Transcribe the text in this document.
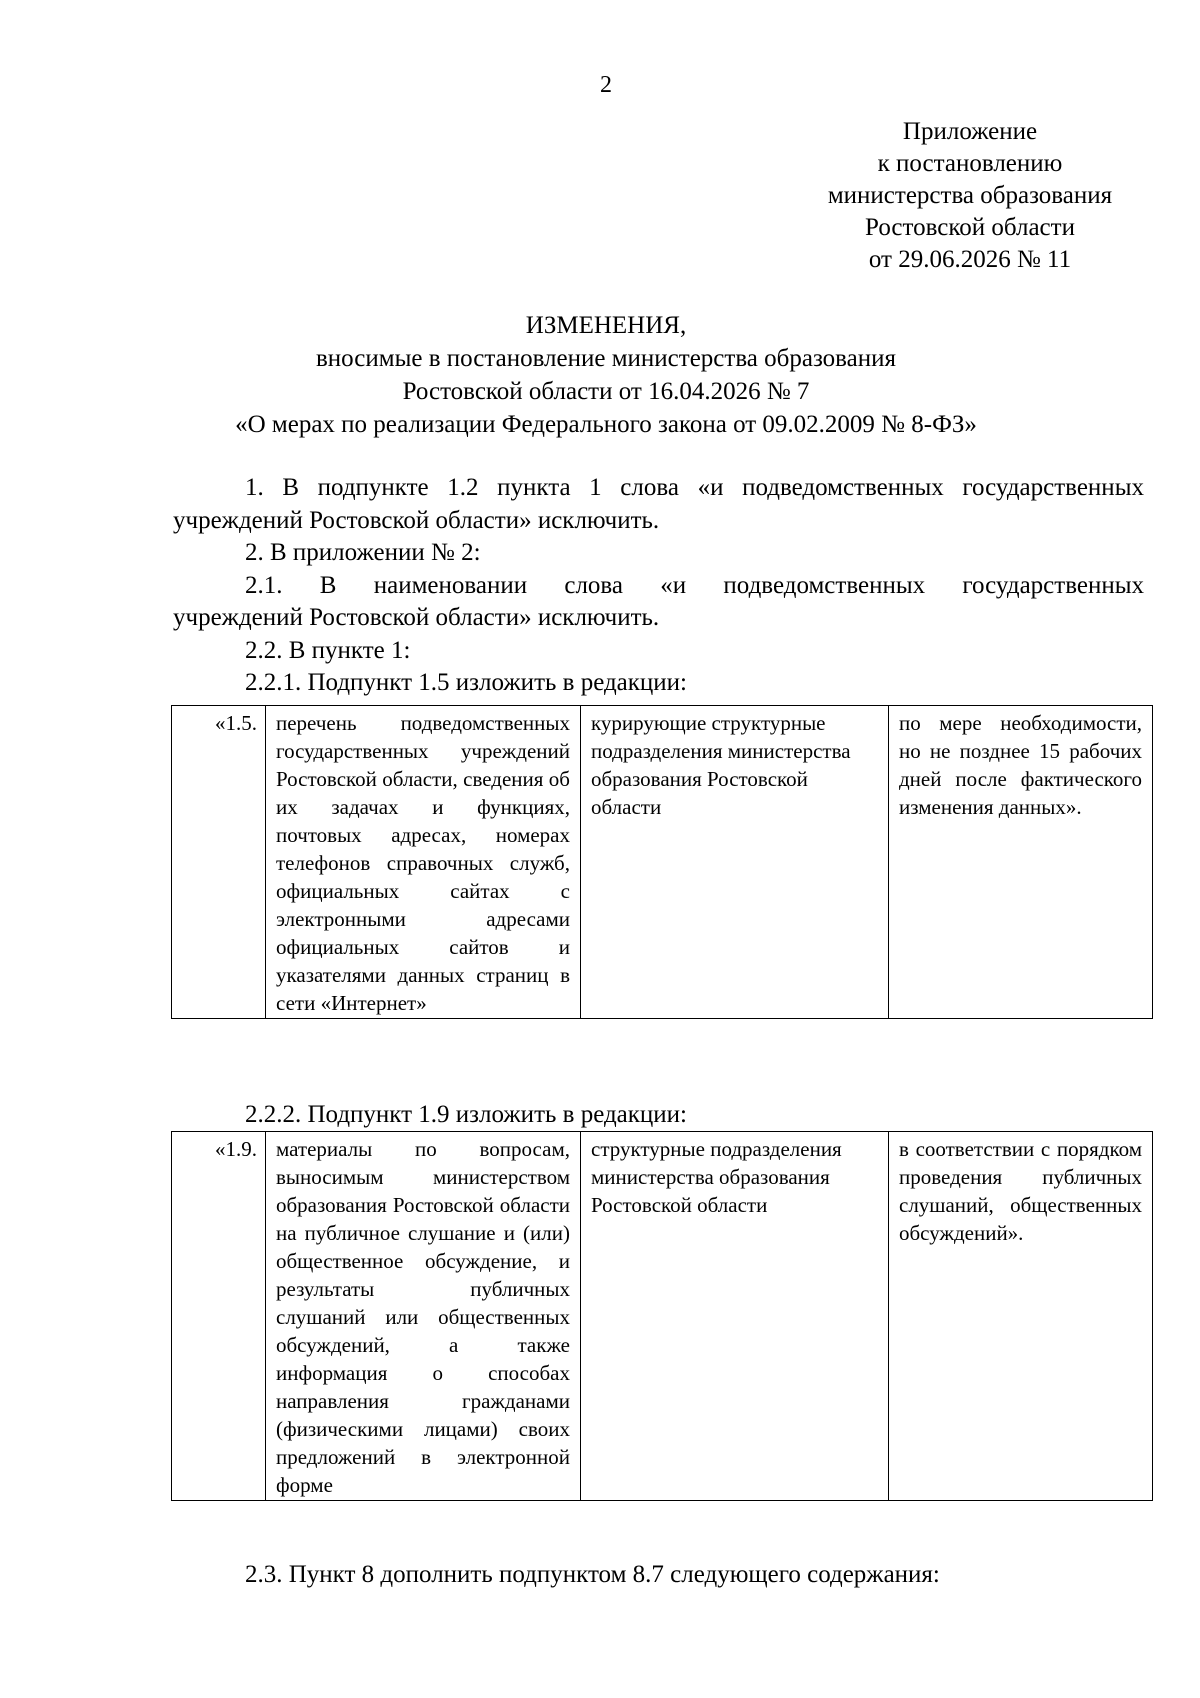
2
Приложение
к постановлению
министерства образования
Ростовской области
от 29.06.2026 № 11
ИЗМЕНЕНИЯ,
вносимые в постановление министерства образования
Ростовской области от 16.04.2026 № 7
«О мерах по реализации Федерального закона от 09.02.2009 № 8-ФЗ»
1. В подпункте 1.2 пункта 1 слова «и подведомственных государственных
учреждений Ростовской области» исключить.
2. В приложении № 2:
2.1. В наименовании слова «и подведомственных государственных
учреждений Ростовской области» исключить.
2.2. В пункте 1:
2.2.1. Подпункт 1.5 изложить в редакции:
«1.5.	перечень подведомственных государственных учреждений Ростовской области, сведения об их задачах и функциях, почтовых адресах, номерах телефонов справочных служб, официальных сайтах с электронными адресами официальных сайтов и указателями данных страниц в сети «Интернет»	курирующие структурные подразделения министерства образования Ростовской области	по мере необходимости, но не позднее 15 рабочих дней после фактического изменения данных».
2.2.2. Подпункт 1.9 изложить в редакции:
«1.9.	материалы по вопросам, выносимым министерством образования Ростовской области на публичное слушание и (или) общественное обсуждение, и результаты публичных слушаний или общественных обсуждений, а также информация о способах направления гражданами (физическими лицами) своих предложений в электронной форме	структурные подразделения министерства образования Ростовской области	в соответствии с порядком проведения публичных слушаний, общественных обсуждений».
2.3. Пункт 8 дополнить подпунктом 8.7 следующего содержания:
